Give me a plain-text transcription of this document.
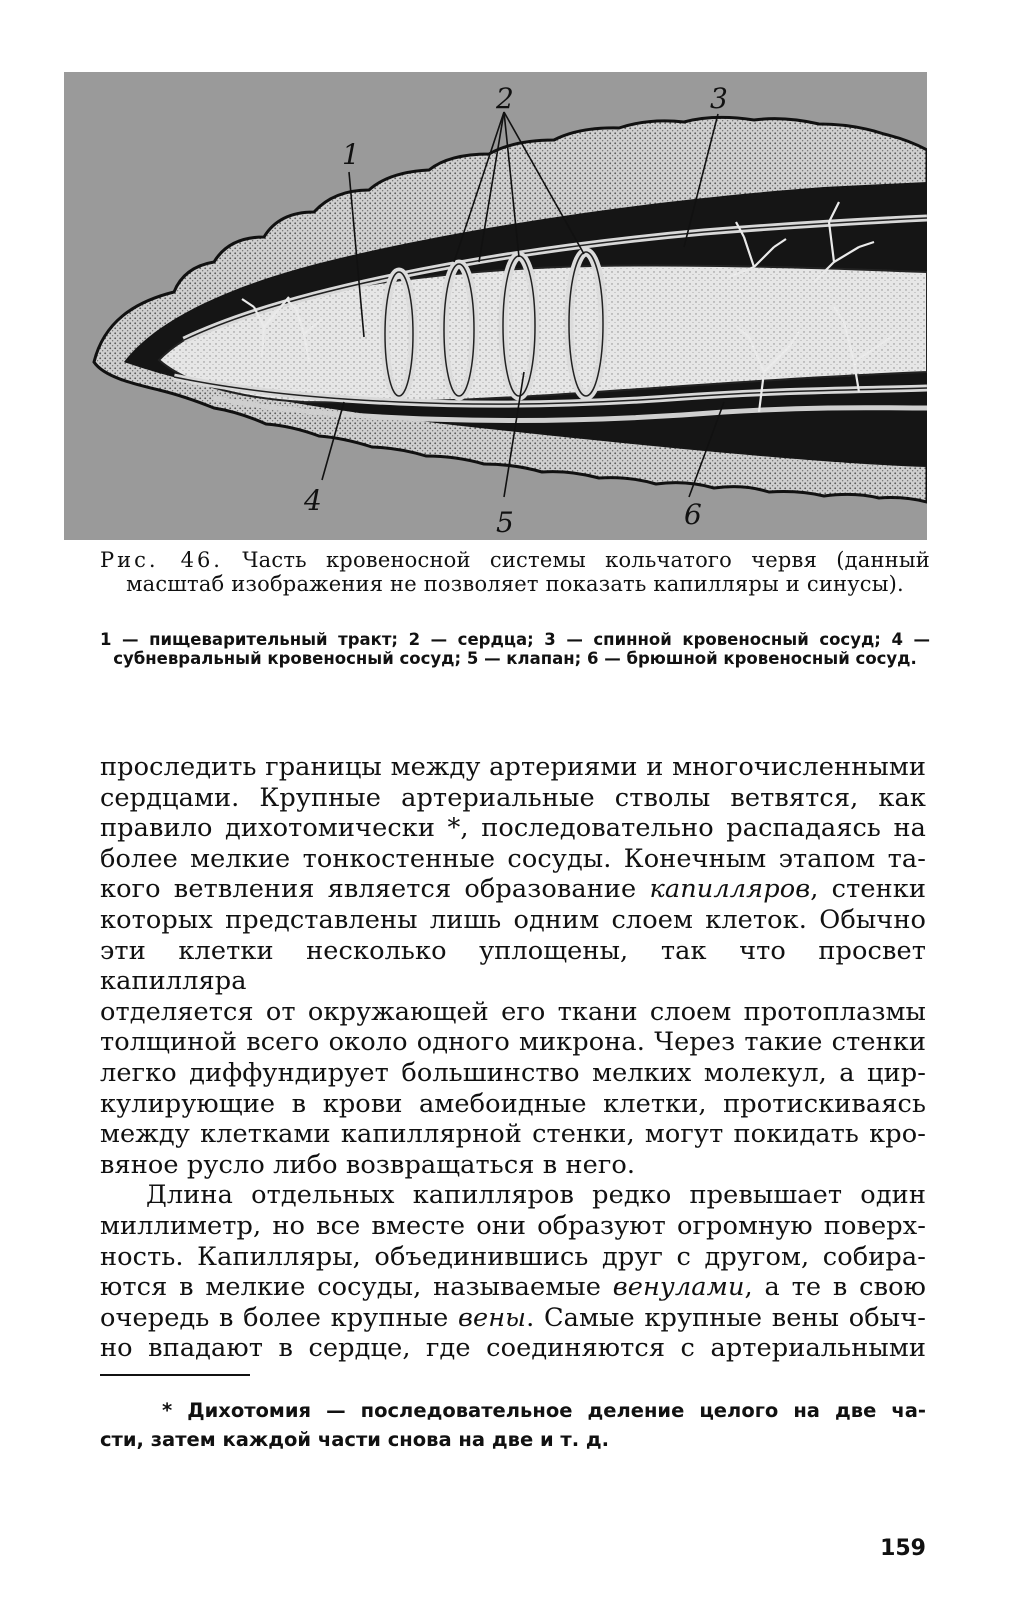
1
2	3
4
5	6
Рис. 46. Часть кровеносной системы кольчатого червя (данный масштаб изображения не позволяет показать капилляры и синусы).
1 — пищеварительный тракт; 2 — сердца; 3 — спинной кровеносный сосуд; 4 — субневральный кровеносный сосуд; 5 — клапан; 6 — брюшной кровеносный сосуд.

проследить границы между артериями и многочисленными
сердцами. Крупные артериальные стволы ветвятся, как
правило дихотомически *, последовательно распадаясь на
более мелкие тонкостенные сосуды. Конечным этапом та-
кого ветвления является образование капилляров, стенки
которых представлены лишь одним слоем клеток. Обычно
эти клетки несколько уплощены, так что просвет капилляра
отделяется от окружающей его ткани слоем протоплазмы
толщиной всего около одного микрона. Через такие стенки
легко диффундирует большинство мелких молекул, а цир-
кулирующие в крови амебоидные клетки, протискиваясь
между клетками капиллярной стенки, могут покидать кро-
вяное русло либо возвращаться в него.

Длина отдельных капилляров редко превышает один
миллиметр, но все вместе они образуют огромную поверх-
ность. Капилляры, объединившись друг с другом, собира-
ются в мелкие сосуды, называемые венулами, а те в свою
очередь в более крупные вены. Самые крупные вены обыч-
но впадают в сердце, где соединяются с артериальными

* Дихотомия — последовательное деление целого на две ча-
сти, затем каждой части снова на две и т. д.
159
